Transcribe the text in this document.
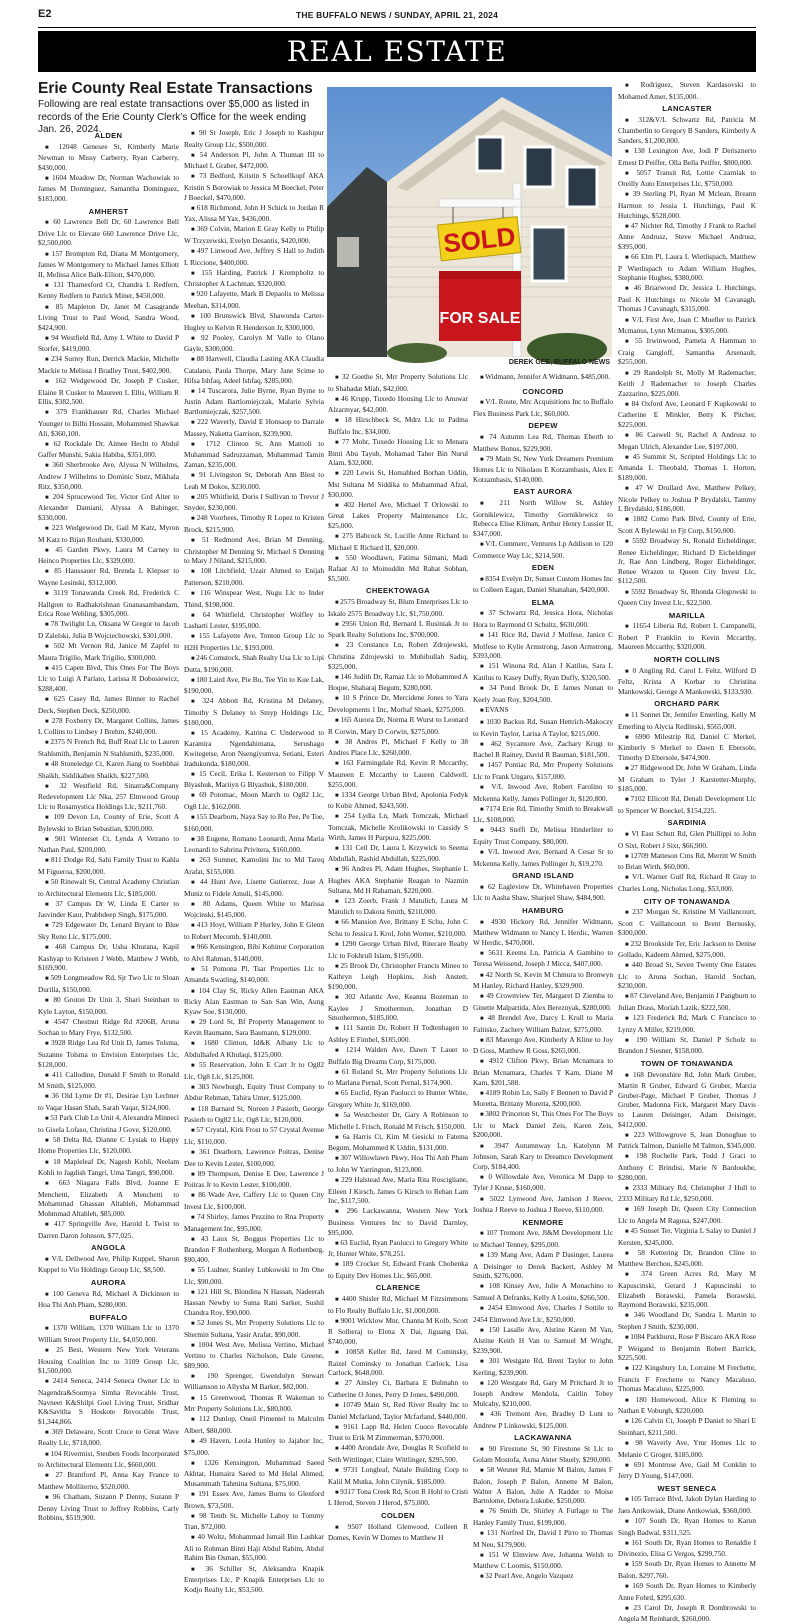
E2	THE BUFFALO NEWS / SUNDAY, APRIL 21, 2024
REAL ESTATE
Erie County Real Estate Transactions
Following are real estate transactions over $5,000 as listed in records of the Erie County Clerk’s Office for the week ending Jan. 26, 2024.
ALDEN

■ 12048 Genesee St, Kimberly Marie Newman to Missy Carberry, Ryan Carberry, $430,000.

■ 1604 Meadow Dr, Norman Wachowiak to James M Dominguez, Samantha Dominguez, $183,000.

AMHERST

■ 60 Lawrence Bell Dr, 60 Lawrence Bell Drive Llc to Elevate 660 Lawrence Drive Llc, $2,500,000.

■ 157 Brompton Rd, Diana M Montgomery, James W Montgomery to Michael James Elliott II, Melissa Alice Balk-Elliott, $470,000.

■ 131 Thamesford Ct, Chandra L Redfern, Kenny Redfern to Patrick Miner, $450,000.

■ 85 Mapleton Dr, Janet M Casagrande Living Trust to Paul Wood, Sandra Wood, $424,900.

■ 94 Westfield Rd, Amy L White to David P Storfer, $419,000.

■ 234 Surrey Run, Derrick Mackie, Michelle Mackie to Melissa J Bradley Trust, $402,900.

■ 162 Wedgewood Dr, Joseph P Cusker, Elaine R Cusker to Maureen L Ellis, William R Ellis, $382,500.

■ 379 Frankhauser Rd, Charles Michael Younger to Bilhi Hossain, Mohammed Shawkat Ali, $360,100.

■ 62 Rockdale Dr, Aimee Hecht to Abdul Gaffer Munshi, Sakia Habiba, $351,000.

■ 360 Sherbrooke Ave, Alyssa N Wilhelms, Andrew J Wilhelms to Dominic Stutz, Mikhala Ritz, $350,000.

■ 204 Sprucewood Ter, Victor Grd Alter to Alexander Damiani, Alyssa A Babinger, $330,000.

■ 223 Wedgewood Dr, Gail M Katz, Myron M Katz to Bijan Rouhani, $330,000.

■ 45 Garden Pkwy, Laura M Carney to Heinco Properties Llc, $329,000.

■ 85 Haussauer Rd, Brenda L Klepser to Wayne Lesinski, $312,000.

■ 3119 Tonawanda Creek Rd, Frederick C Hallgren to Radhakrishnan Gnanasambandam, Erica Rose Wehling, $305,000.

■ 78 Twilight Ln, Oksana W Gregor to Jacob D Zalelski, Julia B Wojciechowski, $301,000.

■ 502 Mt Vernon Rd, Janice M Zapfel to Maura Trigilio, Mark Trigilio, $300,000.

■ 415 Capen Blvd, This Ones For The Boys Llc to Luigi A Parlato, Larissa R Dobosiewicz, $288,400.

■ 625 Casey Rd, James Binner to Rachel Deck, Stephen Deck, $250,000.

■ 278 Foxberry Dr, Margaret Collins, James L Collins to Lindsey J Brehm, $240,000.

■ 2375 N French Rd, Buff Real Llc to Lauren Stahlsmith, Benjamin N Stahlsmith, $235,000.

■ 48 Stoneledge Ct, Karen Jiang to Soebbhai Shaikh, Siddikaben Shaikh, $227,500.

■ 32 Westfield Rd, Sinatra&Company Redevelopment Llc Nka, 257 Elmwood Group Llc to Rosamystica Holdings Llc, $211,760.

■ 109 Devon Ln, County of Erie, Scott A Bylewski to Brian Sebastian, $200,000.

■ 901 Winterset Ct, Lynda A Vetrano to Nathan Paul, $200,000.

■ 811 Dodge Rd, Sahi Family Trust to Kahla M Figueroa, $200,000.

■ 50 Rinewalt St, Central Academy Christian to Architectural Elements Llc, $185,000.

■ 37 Campus Dr W, Linda E Carter to Jasvinder Kaur, Prabhdeep Singh, $175,000.

■ 729 Edgewater Dr, Lenard Bryant to Blue Sky Reno Llc, $175,000.

■ 468 Campus Dr, Usha Khurana, Kapil Kashyap to Kristeen J Webb, Matthew J Webb, $169,900.

■ 509 Longmeadow Rd, Sjr Two Llc to Sloan Durilla, $150,000.

■ 80 Groton Dr Unit 3, Shari Steinhart to Kyle Layton, $150,000.

■ 4547 Chestnut Ridge Rd #206B, Aruna Sochan to Mary Frye, $132,500.

■ 3928 Ridge Lea Rd Unit D, James Tolsma, Suzanne Tolsma to Envision Enterprises Llc, $128,000.

■ 411 Callodine, Donald F Smith to Ronald M Smith, $125,000.

■ 36 Old Lyme Dr #1, Desirae Lyn Lechner to Vaqar Hasan Shah, Sarah Vaqar, $124,000.

■ 53 Park Club Ln Unit 4, Alexandra Minneci to Gisela Lofaso, Christina J Gove, $120,000.

■ 58 Delta Rd, Dianne C Lysiak to Happy Home Properties Llc, $120,000.

■ 18 Mapleleaf Dr, Nagesh Kohli, Neelam Kohli to Jagdish Tangri, Uma Tangri, $90,000.

■ 663 Niagara Falls Blvd, Joanne E Menchetti, Elizabeth A Menchetti to Mohammad Ghassan Altahleh, Mohammad Mohmmad Altahleh, $85,000.

■ 417 Springville Ave, Harold L Twist to Darren Daron Johnson, $77,025.

ANGOLA

■ V/L Dellwood Ave, Philip Kuppel, Sharon Kuppel to Vio Holdings Group Llc, $8,500.

AURORA

■ 100 Geneva Rd, Michael A Dickinson to Hoa Thi Anh Pham, $280,000.

BUFFALO

■ 1370 William, 1370 William Llc to 1370 William Street Property Llc, $4,050,000.

■ 25 Best, Western New York Veterans Housing Coalition Inc to 3109 Group Llc, $1,500,000.

■ 2414 Seneca, 2414 Seneca Owner Llc to Nagendra&Soumya Simha Revocable Trust, Navneet K&Shilpi Goel Living Trust, Sridhar K&Savitha S Hoskote Revocable Trust, $1,344,866.

■ 369 Delaware, Scott Croce to Great Wave Realty Llc, $718,000.

■ 104 Rivermist, Steuben Foods Incorporated to Architectural Elements Llc, $660,000.

■ 27 Brantford Pl, Anna Kay France to Matthew Molliterno, $520,000.

■ 96 Chatham, Suzann P Denny, Suzann P Denny Living Trust to Jeffrey Robbins, Carly Robbins, $519,900.

■ 90 St Joseph, Eric J Joseph to Kashipur Realty Group Llc, $500,000.

■ 54 Anderson Pl, John A Thuman III to Michael L Graber, $472,000.

■ 73 Bedford, Kristin S Schoellkopf AKA Kristin S Borowiak to Jessica M Boeckel, Peter J Boeckel, $470,000.

■ 618 Richmond, John H Schick to Jordan R Yax, Alissa M Yax, $436,000.

■ 369 Colvin, Marion E Gray Kelly to Philip W Trzyzewski, Evelyn Desantis, $420,000.

■ 497 Linwood Ave, Jeffrey S Hall to Judith L Riccione, $400,000.

■ 155 Harding, Patrick J Krempholtz to Christopher A Lachman, $320,000.

■ 920 Lafayette, Mark B Depaolis to Melissa Meehan, $314,000.

■ 100 Brunswick Blvd, Shawonda Carter-Hugley to Kelvin R Henderson Jr, $300,000.

■ 92 Pooley, Carolyn M Valle to Olano Gayle, $300,000.

■ 88 Hartwell, Claudia Lasting AKA Claudia Catalano, Paula Thorpe, Mary Jane Scime to Hifsa Ishfaq, Adeel Ishfaq, $285,000.

■ 14 Tuscarora, Julie Byrne, Ryan Byrne to Justin Adam Bartlomiejczak, Malarie Sylvia Bartlomiejczak, $257,500.

■ 222 Waverly, David E Honsaop to Darrale Massey, Naketta Garrison, $239,900.

■ 1712 Clinton St, Ann Mattioli to Muhammad Sadruzzaman, Muhammad Tamin Zaman, $235,000.

■ 91 Livingston St, Deborah Ann Blest to Leah M Dokos, $230,000.

■ 205 Whitfield, Doris I Sullivan to Trevor J Snyder, $230,000.

■ 248 Voorhees, Timothy R Lopez to Kristen Brock, $215,900.

■ 51 Redmond Ave, Brian M Denning, Christopher M Denning Sr, Michael S Denning to Mary J Niland, $215,000.

■ 108 Litchfield, Uzair Ahmed to Enijah Patterson, $210,000.

■ 116 Winspear West, Nugu Llc to Inder Thind, $198,000.

■ 64 Whitfield, Christopher Wolfley to Lasharti Lester, $195,000.

■ 155 Lafayette Ave, Tonton Group Llc to H2H Properties Llc, $193,000.

■ 246 Comstock, Shah Realty Usa Llc to Lipi Dutta, $190,000.

■ 180 Laird Ave, Pie Bu, Tee Yin to Kue Lak, $190,000.

■ 324 Abbott Rd, Kristina M Delaney, Timothy S Delaney to Smyp Holdings Llc, $180,000.

■ 15 Academy, Katrina C Underwood to Karamira Ngendahimana, Serushago Kwitegetse, Aron Nsengiyumva, Setiani, Esteri Iradukunda, $180,000.

■ 15 Cecil, Erika L Kesterson to Filipp V Blyashuk, Mariiyn G Blyashuk, $180,000.

■ 69 Potomac, Moon March to Og82 Llc, Og8 Llc, $162,000.

■ 155 Dearborn, Naya Say to Ro Pee, Pe Toe, $160,000.

■ 38 Eugene, Romano Leonardi, Anna Maria Leonardi to Sabrina Privitera, $160,000.

■ 263 Sumner, Kamolini Inc to Md Tareq Arafat, $155,000.

■ 44 Hunt Ave, Lisette Gutierrez, Jose A Muniz to Fidele Amuli, $145,000.

■ 80 Adams, Queen White to Marissa Wojcinski, $145,000.

■ 413 Hoyt, William P Hurley, John E Glenn to Robert Mecomb, $140,000.

■ 966 Kensington, Bibi Kohinur Corporation to Alvi Rahman, $140,000.

■ 51 Pomona Pl, Tsar Properties Llc to Amanda Swatling, $140,000.

■ 104 Clay St, Ricky Allen Eastman AKA Ricky Alan Eastman to San San Win, Aung Kyaw Soe, $130,000.

■ 29 Lord St, Bf Property Management to Kevin Baumann, Sara Baumann, $129,000.

■ 1680 Clinton, Id&K Albany Llc to Abdulhafed A Khulaqi, $125,000.

■ 55 Reservation, John E Carr Jr to Og82 Llc, Og8 Llc, $125,000.

■ 383 Newburgh, Equity Trust Company to Abdur Rehman, Tahira Umer, $125,000.

■ 118 Barnard St, Noreen J Pasierb, George Pasierb to Og82 Llc, Og8 Llc, $120,000.

■ 57 Crystal, Kirk Frost to 57 Crystal Avenue Llc, $110,000.

■ 361 Dearborn, Lawrence Poitras, Denise Dee to Kevin Lester, $100,000.

■ 89 Thompson, Denise E Dee, Lawrence J Poitras Jr to Kevin Lester, $100,000.

■ 86 Wade Ave, Caffery Llc to Queen City Invest Llc, $100,000.

■ 74 Shirley, James Pezzino to Rna Property Management Inc, $95,000.

■ 43 Laux St, Boggus Properties Llc to Brandon F Rothenberg, Morgan A Rothenberg, $90,400.

■ 55 Ludner, Stanley Lubkowski to Jm One Llc, $90,000.

■ 121 Hill St, Blondina N Hassan, Nadeerah Hassan Newby to Suma Rani Sarker, Sushil Chandra Roy, $90,000.

■ 52 Jones St, Mrr Property Solutions Llc to Shermin Sultana, Yasir Arafat, $90,000.

■ 1004 West Ave, Melissa Vertino, Michael Vertino to Charles Nicholson, Dale Greene, $89,900.

■ 190 Sprenger, Gwendolyn Stewart Williamson to Allysha M Barker, $82,000.

■ 15 Greenwood, Thomas R Wakeman to Mrr Property Solutions Llc, $80,000.

■ 112 Dunlop, Oneil Pimentel to Malcolm Albert, $80,000.

■ 49 Haven, Leola Hunley to Jajabor Inc, $75,000.

■ 1326 Kensington, Muhammad Saeed Akhtar, Humaira Saeed to Md Helal Ahmed, Musammath Tahmina Sultana, $75,000.

■ 191 Essex Ave, James Burns to Glenford Brown, $73,500.

■ 98 Tenth St, Michelle Laboy to Tommy Tran, $72,000.

■ 40 Woltz, Mohammad Ismail Bin Lashkar Ali to Rohman Binti Haji Abdul Rahim, Abdul Rahim Bin Osman, $55,000.

■ 36 Schiller St, Aleksandra Knapik Enterprises Llc, P Knapik Enterprises Llc to Kodjo Realty Llc, $53,500.

■ 32 Goethe St, Mrr Property Solutions Llc to Shahadat Miah, $42,000.

■ 46 Krupp, Tuxedo Housing Llc to Anuwar Alzarmyar, $42,000.

■ 18 Hirschbeck St, Mdrz Llc to Padma Buffalo Inc, $34,000.

■ 77 Mohr, Tuxedo Housing Llc to Menara Binti Abu Tayub, Mohamad Taher Bin Nurul Alam, $32,000.

■ 220 Lewis St, Homahhed Borhan Uddin, Mst Sultana M Siddika to Muhammad Afzal, $30,000.

■ 402 Hertel Ave, Michael T Orlowski to Great Lakes Property Maintenance Llc, $25,000.

■ 275 Babcock St, Lucille Anne Richard to Michael E Richard II, $20,000.

■ 550 Woodlawn, Fatima Silmani, Madi Rafaat Al to Moinuddin Md Rahat Sobhan, $5,500.

CHEEKTOWAGA

■ 2575 Broadway St, Blum Enterprises Llc to Iskalo 2575 Broadway Llc, $1,750,000.

■ 2956 Union Rd, Bernard L Rusiniak Jr to Spark Realty Solutions Inc, $700,000.

■ 23 Constance Ln, Robert Zdrojewski, Christina Zdrojewski to Muhibullah Sadiq, $325,000.

■ 146 Judith Dr, Ramaz Llc to Mohammed A Hoque, Shaharaj Begum, $280,000.

■ 10 S Prince Dr, Mercidene Jones to Yara Developments 1 Inc, Morhaf Shaek, $275,000.

■ 165 Aurora Dr, Norma R Wurst to Leonard R Corwin, Mary D Corwin, $275,000.

■ 38 Andres Pl, Michael F Kelly to 38 Andres Place Llc, $260,000.

■ 163 Farmingdale Rd, Kevin R Mccarthy, Maureen E Mccarthy to Lauren Caldwell, $255,000.

■ 1334 George Urban Blvd, Apolonia Fedyk to Kobir Ahmed, $243,500.

■ 254 Lydia Ln, Mark Tomczak, Michael Tomczak, Michelle Krolikowski to Cassidy S Wirth, James H Purpura, $225,000.

■ 131 Ceil Dr, Laura L Krzywick to Seema Abdullah, Rashid Abdullah, $225,000.

■ 96 Andres Pl, Adam Hughes, Stephanie L Hughes AKA Stephanie Reagan to Nazmin Sultana, Md H Rahaman, $220,000.

■ 123 Zoerb, Frank J Matulich, Laura M Matulich to Dakota Smith, $210,000.

■ 66 Mansion Ave, Brittany E Schu, John C Schu to Jessica L Krol, John Worner, $210,000.

■ 1290 George Urban Blvd, Ritecare Realty Llc to Fokhrull Islam, $195,000.

■ 25 Brook Dr, Christopher Francis Mineo to Kathryn Leigh Hopkins, Josh Anstett, $190,000.

■ 302 Atlantic Ave, Keanna Bozeman to Kaylee J Smothermon, Jonathan D Smothermon, $185,000.

■ 111 Santin Dr, Robert H Todtenhagen to Ashley E Fimbel, $185,000.

■ 1214 Walden Ave, Dawn T Lauer to Buffalo Big Dreams Corp, $175,000.

■ 61 Roland St, Mrr Property Solutions Llc to Marlana Pernal, Scott Pernal, $174,900.

■ 65 Euclid, Ryan Paolucci to Hunter White, Gregory White Jr, $169,000.

■ 5a Westchester Dr, Gary A Robinson to Michelle L Frisch, Ronald M Frisch, $150,000.

■ 6a Harris Ct, Kim M Gesicki to Fatema Begum, Mohammed K Uddin, $131,000.

■ 307 Willowlawn Pkwy, Hoa Thi Anh Pham to John W Yarrington, $123,000.

■ 229 Halstead Ave, Maria Rita Roscigliane, Eileen J Kirsch, James G Kirsch to Rehan Lam Inc, $117,500.

■ 296 Lackawanna, Western New York Business Ventures Inc to David Darnley, $95,000.

■ 63 Euclid, Ryan Paolucci to Gregory White Jr, Hunter White, $78,251.

■ 189 Crocker St, Edward Frank Chobenka to Equity Dev Homes Llc, $65,000.

CLARENCE

■ 4400 Shisler Rd, Michael M Fitzsimmons to Flo Realty Buffalo Llc, $1,000,000.

■ 9001 Wicklow Mnr, Channa M Kolb, Scott R Solheraj to Elena X Dai, Jiguang Dai, $740,000.

■ 10858 Keller Rd, Jared M Cominsky, Raizel Cominsky to Jonathan Carlock, Lisa Carlock, $648,000.

■ 27 Ainsley Ct, Barbara E Bulmahn to Catherine O Jones, Perry D Jones, $490,000.

■ 10749 Main St, Red River Realty Inc to Daniel Mcfarland, Taylor Mcfarland, $440,000.

■ 9161 Lapp Rd, Helen Cuoco Revocable Trust to Erik M Zimmerman, $370,000.

■ 4400 Arondale Ave, Douglas R Scofield to Seth Wittlinger, Claire Wittlinger, $295,500.

■ 9731 Longleaf, Natale Building Corp to Kalil M Mutka, John Cilynik, $185,000.

■ 9317 Tona Creek Rd, Scott R Hohl to Cristi L Herod, Steven J Herod, $75,000.

COLDEN

■ 9507 Holland Glenwood, Colleen R Domes, Kevin W Domes to Matthew H

■ Widmann, Jennifer A Widmann, $485,000.

CONCORD

■ V/L Route, Mrc Acquisitions Inc to Buffalo Flex Business Park Llc, $60,000.

DEPEW

■ 74 Autumn Lea Rd, Thomas Eberth to Matthew Bonus, $229,900.

■ 79 Main St, New York Dreamers Premium Homes Llc to Nikolaos E Kotzambasis, Alex E Kotzambasis, $140,000.

EAST AURORA

■ 211 North Willow St, Ashley Gorniklewicz, Timothy Gorniklewicz to Rebecca Elise Kliman, Arthur Henry Lussier II, $347,000.

■ V/L Commerc, Ventures Lp Addison to 120 Commerce Way Llc, $214,500.

EDEN

■ 8354 Evelyn Dr, Sunset Custom Homes Inc to Colleen Eagan, Daniel Shanahan, $420,000.

ELMA

■ 37 Schwartz Rd, Jessica Hora, Nicholas Hora to Raymond O Schultz, $630,000.

■ 141 Rice Rd, David J Molfese, Janice C Molfese to Kylie Armstrong, Jason Armstrong, $393,000.

■ 151 Winona Rd, Alan J Katilus, Sara L Katilus to Kasey Duffy, Ryan Duffy, $320,500.

■ 34 Pond Brook Dr, E James Nunan to Keely Joan Roy, $204,500.

■ EVANS

■ 1030 Backus Rd, Susan Hettrich-Makoczy to Kevin Taylor, Larisa A Taylor, $215,000.

■ 462 Sycamore Ave, Zachary Krugt to Rachel R Rainey, David R Bauman, $181,500.

■ 1457 Pontiac Rd, Mrr Property Solutions Llc to Frank Ungaro, $157,000.

■ V/L Inwood Ave, Robert Farolino to Mckenna Kelly, James Pollinger Jr, $120,800.

■ 7174 Erie Rd, Timothy Smith to Breakwall Llc, $108,000.

■ 9443 Steffi Dr, Melissa Hinderliter to Equity Trust Company, $80,000.

■ V/L Inwood Ave, Bernard A Cesar Sr to Mckenna Kelly, James Pollinger Jr, $19,270.

GRAND ISLAND

■ 62 Eagleview Dr, Whitehaven Properties Llc to Aasha Shaw, Sharjeel Shaw, $484,900.

HAMBURG

■ 4930 Hickory Rd, Jennifer Widmann, Matthew Widmann to Nancy L Herdic, Warren W Herdic, $470,000.

■ 5631 Keems Ln, Patricia A Gambino to Teresa Weissend, Joseph J Micca, $407,000.

■ 42 North St, Kevin M Chmura to Bronwyn M Hanley, Richard Hanley, $329,900.

■ 49 Crownview Ter, Margaret D Ziemba to Ginette Malpartida, Alex Bereznyak, $280,000.

■ 48 Brendel Ave, Darcy L Krull to Maria Faltisko, Zachery William Balzer, $275,000.

■ 83 Marengo Ave, Kimberly A Kline to Joy D Goss, Matthew R Goss, $265,000.

■ 4912 Clifton Pkwy, Brian Mcnamara to Brian Mcnamara, Charles T Kam, Diane M Kam, $201,588.

■ 4189 Robin Ln, Sally F Bennett to David P Moretta, Brittany Moretta, $200,000.

■ 3802 Princeton St, This Ones For The Boys Llc to Mack Daniel Zeis, Karen Zeis, $200,000.

■ 3947 Autumnway Ln, Katelynn M Johnson, Sarah Kary to Dreamco Development Corp, $184,400.

■ 0 Willowdale Ave, Veronica M Dapp to Tyler J Kruse, $160,000.

■ 5022 Lynwood Ave, Jamison J Reeve, Joshua J Reeve to Joshua J Reeve, $110,000.

KENMORE

■ 107 Tremont Ave, Jl&M Development Llc to Michael Tenney, $295,000.

■ 139 Mang Ave, Adam P Dasinger, Laurea A Deisinger to Derek Backert, Ashley M Smith, $276,000.

■ 108 Kinsey Ave, Julie A Monachino to Samuel A Defranks, Kelly A Losito, $266,500.

■ 2454 Elmwood Ave, Charles J Sottile to 2454 Elmwood Ave Llc, $250,000.

■ 150 Lasalle Ave, Alstine Karen M Van, Alstine Keith H Van to Samuel M Wright, $239,900.

■ 301 Westgate Rd, Brent Taylor to John Kerling, $239,900.

■ 120 Westgate Rd, Gary M Pritchard Jr to Joseph Andrew Mendola, Caitlin Tobey Mulcahy, $210,000.

■ 436 Tremont Ave, Bradley D Lunt to Andrew P Linkowski, $125,000.

LACKAWANNA

■ 90 Firestone St, 90 Firestone St Llc to Golam Mostofa, Asma Akter Shuely, $290,000.

■ 58 Wesner Rd, Mamie M Balon, James F Balon, Joseph P Balon, Annette M Balon, Walter A Balon, Julie A Radder to Moise Bartolome, Debora Lukube, $250,000.

■ 76 Smith Dr, Shirley A Furlage to The Hanley Family Trust, $199,000.

■ 131 Norfred Dr, David I Pirro to Thomas M Neu, $179,900.

■ 151 W Elmview Ave, Johanna Welsh to Matthew C Loomis, $150,000.

■ 32 Pearl Ave, Angelo Vazquez

■ Rodriguez, Steven Kardasovski to Mohamed Amer, $135,000.

LANCASTER

■ 312&V/L Schwartz Rd, Patricia M Chamberlin to Gregory B Sanders, Kimberly A Sanders, $1,200,000.

■ 138 Lexington Ave, Jodi P Derisznerto Ernest D Peiffer, Olla Bella Peiffer, $800,000.

■ 5057 Transit Rd, Lottie Czarniak to Oreilly Auto Enterprises Llc, $750,000.

■ 39 Sterling Pl, Ryan M Mclean, Breann Harmon to Jessia L Hutchings, Paul K Hutchings, $528,000.

■ 47 Nichter Rd, Timothy J Frank to Rachel Anne Andrusz, Steve Michael Andrusz, $395,000.

■ 66 Elm Pl, Laura L Wietlispach, Matthew P Wietlispach to Adam William Hughes, Stephanie Hughes, $380,000.

■ 46 Briarwood Dr, Jessica L Hutchings, Paul K Hutchings to Nicole M Cavanagh, Thomas J Cavanagh, $315,000.

■ V/L First Ave, Joan C Mueller to Patrick Mcmanus, Lynn Mcmanus, $305,000.

■ 55 Irwinwood, Pamela A Hamman to Craig Gangloff, Samantha Arsenault, $255,000.

■ 29 Randolph St, Molly M Rademacher, Keith J Rademacher to Joseph Charles Zazzarino, $225,000.

■ 84 Oxford Ave, Leonard F Kupkowski to Catherine E Minkler, Betty K Pitcher, $225,000.

■ 86 Caswell St, Rachel A Andrusz to Megan Ulrich, Alexander Lee, $197,000.

■ 45 Summit St, Scripted Holdings Llc to Amanda L Theobald, Thomas L Horton, $189,000.

■ 47 W Drullard Ave, Matthew Pelkey, Nicole Pelkey to Joshua P Brydalski, Tammy L Brydalski, $186,000.

■ 1882 Como Park Blvd, County of Erie, Scott A Bylewski to Fjt Corp, $150,000.

■ 5592 Broadway St, Ronald Eicheldinger, Renee Eicheldinger, Richard D Eicheldinger Jr, Rae Ann Lindberg, Roger Eicheldinger, Renee Wrazen to Queen City Invest Llc, $112,500.

■ 5592 Broadway St, Rhonda Glogowski to Queen City Invest Llc, $22,500.

MARILLA

■ 11654 Liberia Rd, Robert L Campanelli, Robert P Franklin to Kevin Mccarthy, Maureen Mccarthy, $320,000.

NORTH COLLINS

■ 0 Angling Rd, Carol L Feltz, Wilford D Feltz, Krista A Korbar to Christina Mankowski, George A Mankowski, $133,930.

ORCHARD PARK

■ 11 Sonnet Dr, Jennifer Emerling, Kelly M Emerling to Alycia Redlinski, $565,000.

■ 6990 Milestrip Rd, Daniel C Merkel, Kimberly S Merkel to Dawn E Ebersole, Timothy D Ebersole, $474,900.

■ 27 Ridgewood Dr, John W Graham, Linda M Graham to Tyler J Karstetter-Murphy, $185,000.

■ 7102 Ellicott Rd, Denali Development Llc to Spencer W Boeckel, $154,225.

SARDINIA

■ Vl East Schutt Rd, Glen Phillippi to John O Sixt, Robert J Sixt, $66,900.

■ 12709 Matteson Crns Rd, Merritt W Smith to Brian Wirth, $60,000.

■ V/L Warner Gulf Rd, Richard R Gray to Charles Long, Nicholas Long, $53,000.

CITY OF TONAWANDA

■ 237 Morgan St, Kristine M Vaillancourt, Scott C Vaillancourt to Brent Bernosky, $300,000.

■ 232 Brookside Ter, Eric Jackson to Denise Gollado, Kadeem Ahmed, $275,000.

■ 440 Broad St, Seven Twenty One Estates Llc to Aruna Sochan, Harold Sochan, $230,000.

■ 87 Cleveland Ave, Benjamin J Pangburn to Julian Drass, Moriah Lazik, $222,500.

■ 123 Frederick Rd, Mark C Francisco to Lynzy A Miller, $219,000.

■ 190 William St, Daniel P Scholz to Brandon J Siesner, $158,000.

TOWN OF TONAWANDA

■ 168 Devonshire Rd, John Mark Gruber, Martin R Gruber, Edward G Gruber, Marcia Gruber-Page, Michael P Gruber, Thomas J Gruber, Madonna Fick, Margaret Mary Davis to Lauren Deisinger, Adam Deisinger, $412,000.

■ 223 Willowgrove S, Jean Donoghue to Patrick Talmon, Danielle M Talmon, $345,000.

■ 198 Rochelle Park, Todd J Graci to Anthony C Brindisi, Marie N Bardoukhe, $280,000.

■ 2333 Military Rd, Christopher J Hull to 2333 Military Rd Llc, $250,000.

■ 169 Joseph Dr, Queen City Connection Llc to Angela M Ragusa, $247,000.

■ 45 Sunset Ter, Virginia L Salay to Daniel J Kersten, $245,000.

■ 58 Kettering Dr, Brandon Cline to Matthew Berchou, $245,000.

■ 374 Green Acres Rd, Mary M Kapuscinski, Gerard J Kapuscinski to Elizabeth Borawski, Pamela Borawski, Raymond Borawski, $235,000.

■ 346 Woodland Dr, Sandra L Martin to Stephen J Smith, $230,000.

■ 1084 Parkhurst, Rose P Biscaro AKA Rose P Weigand to Benjamin Robert Barrick, $225,500.

■ 122 Kingsbury Ln, Lorraine M Frechette, Francis F Frechette to Nancy Macaluso, Thomas Macaluso, $225,000.

■ 180 Homewood, Alice K Fleming to Nathan E Voburgh, $220,000.

■ 126 Calvin Ct, Joseph P Daniel to Shari E Steinhart, $211,500.

■ 98 Waverly Ave, Ymr Homes Llc to Melanie C Groger, $185,000.

■ 691 Montrose Ave, Gail M Conklin to Jerry D Young, $147,000.

WEST SENECA

■ 105 Terrace Blvd, Jakob Dylan Harding to Jaes Antkowiak, Diane Antkowiak, $360,000.

■ 107 South Dr, Ryan Homes to Karun Singh Badwal, $311,525.

■ 161 South Dr, Ryan Homes to Renaldie I Divinezio, Elisa G Vergos, $299,750.

■ 159 South Dr, Ryan Homes to Annette M Balon, $297,760.

■ 169 South Dr, Ryan Homes to Kimberly Anne Fohrd, $295,630.

■ 23 Carol Dr, Joseph R Dombrowski to Angela M Reinhardt, $260,000.

SOLD
FOR SALE
DEREK GEE, BUFFALO NEWS
